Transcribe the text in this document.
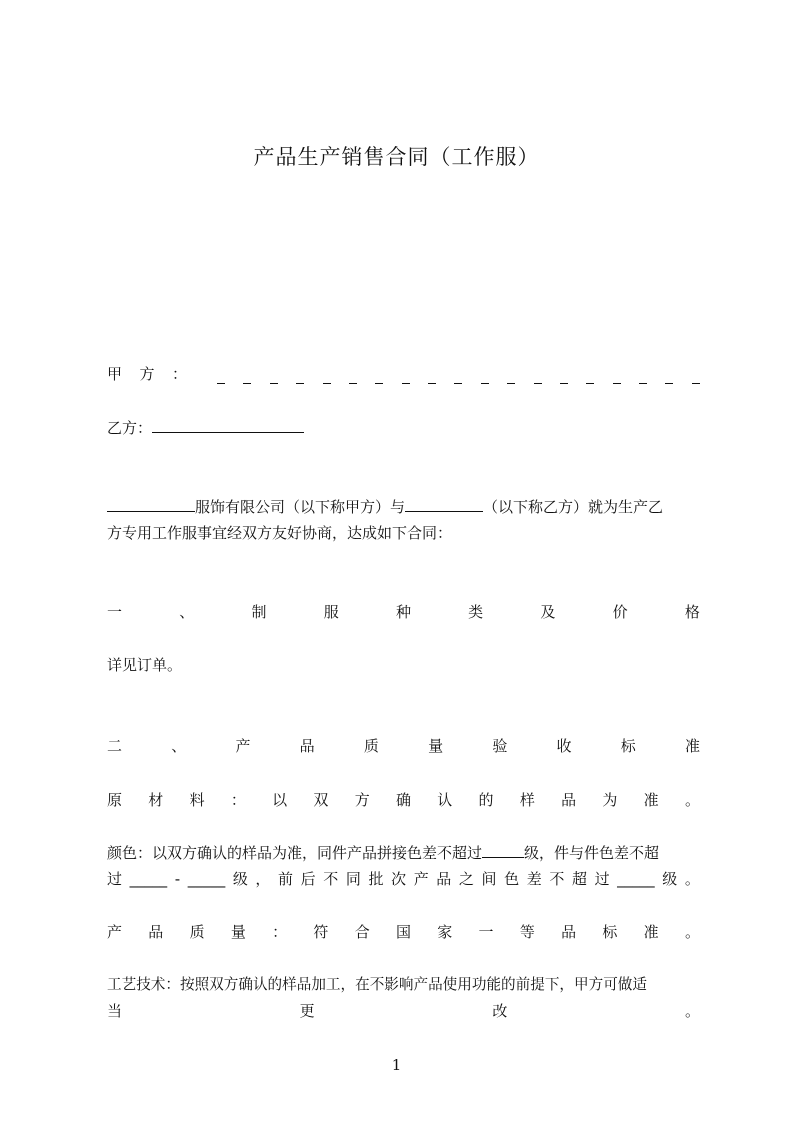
产品生产销售合同（工作服）
甲 方 ：
乙方：
服饰有限公司（以下称甲方）与	（以下称乙方）就为生产乙
方专用工作服事宜经双方友好协商，达成如下合同：
一	、	制	服	种	类	及	价	格
详见订单。
二	、	产	品	质	量	验	收	标	准
原 材 料 ： 以 双 方 确 认 的 样 品 为 准 。
颜色：以双方确认的样品为准，同件产品拼接色差不超过	级，件与件色差不超
过 _____ - _____ 级 ， 前 后 不 同 批 次 产 品 之 间 色 差 不 超 过 _____ 级 。
产 品 质 量 ： 符 合 国 家 一 等 品 标 准 。
工艺技术：按照双方确认的样品加工，在不影响产品使用功能的前提下，甲方可做适
当	更	改	。
1
